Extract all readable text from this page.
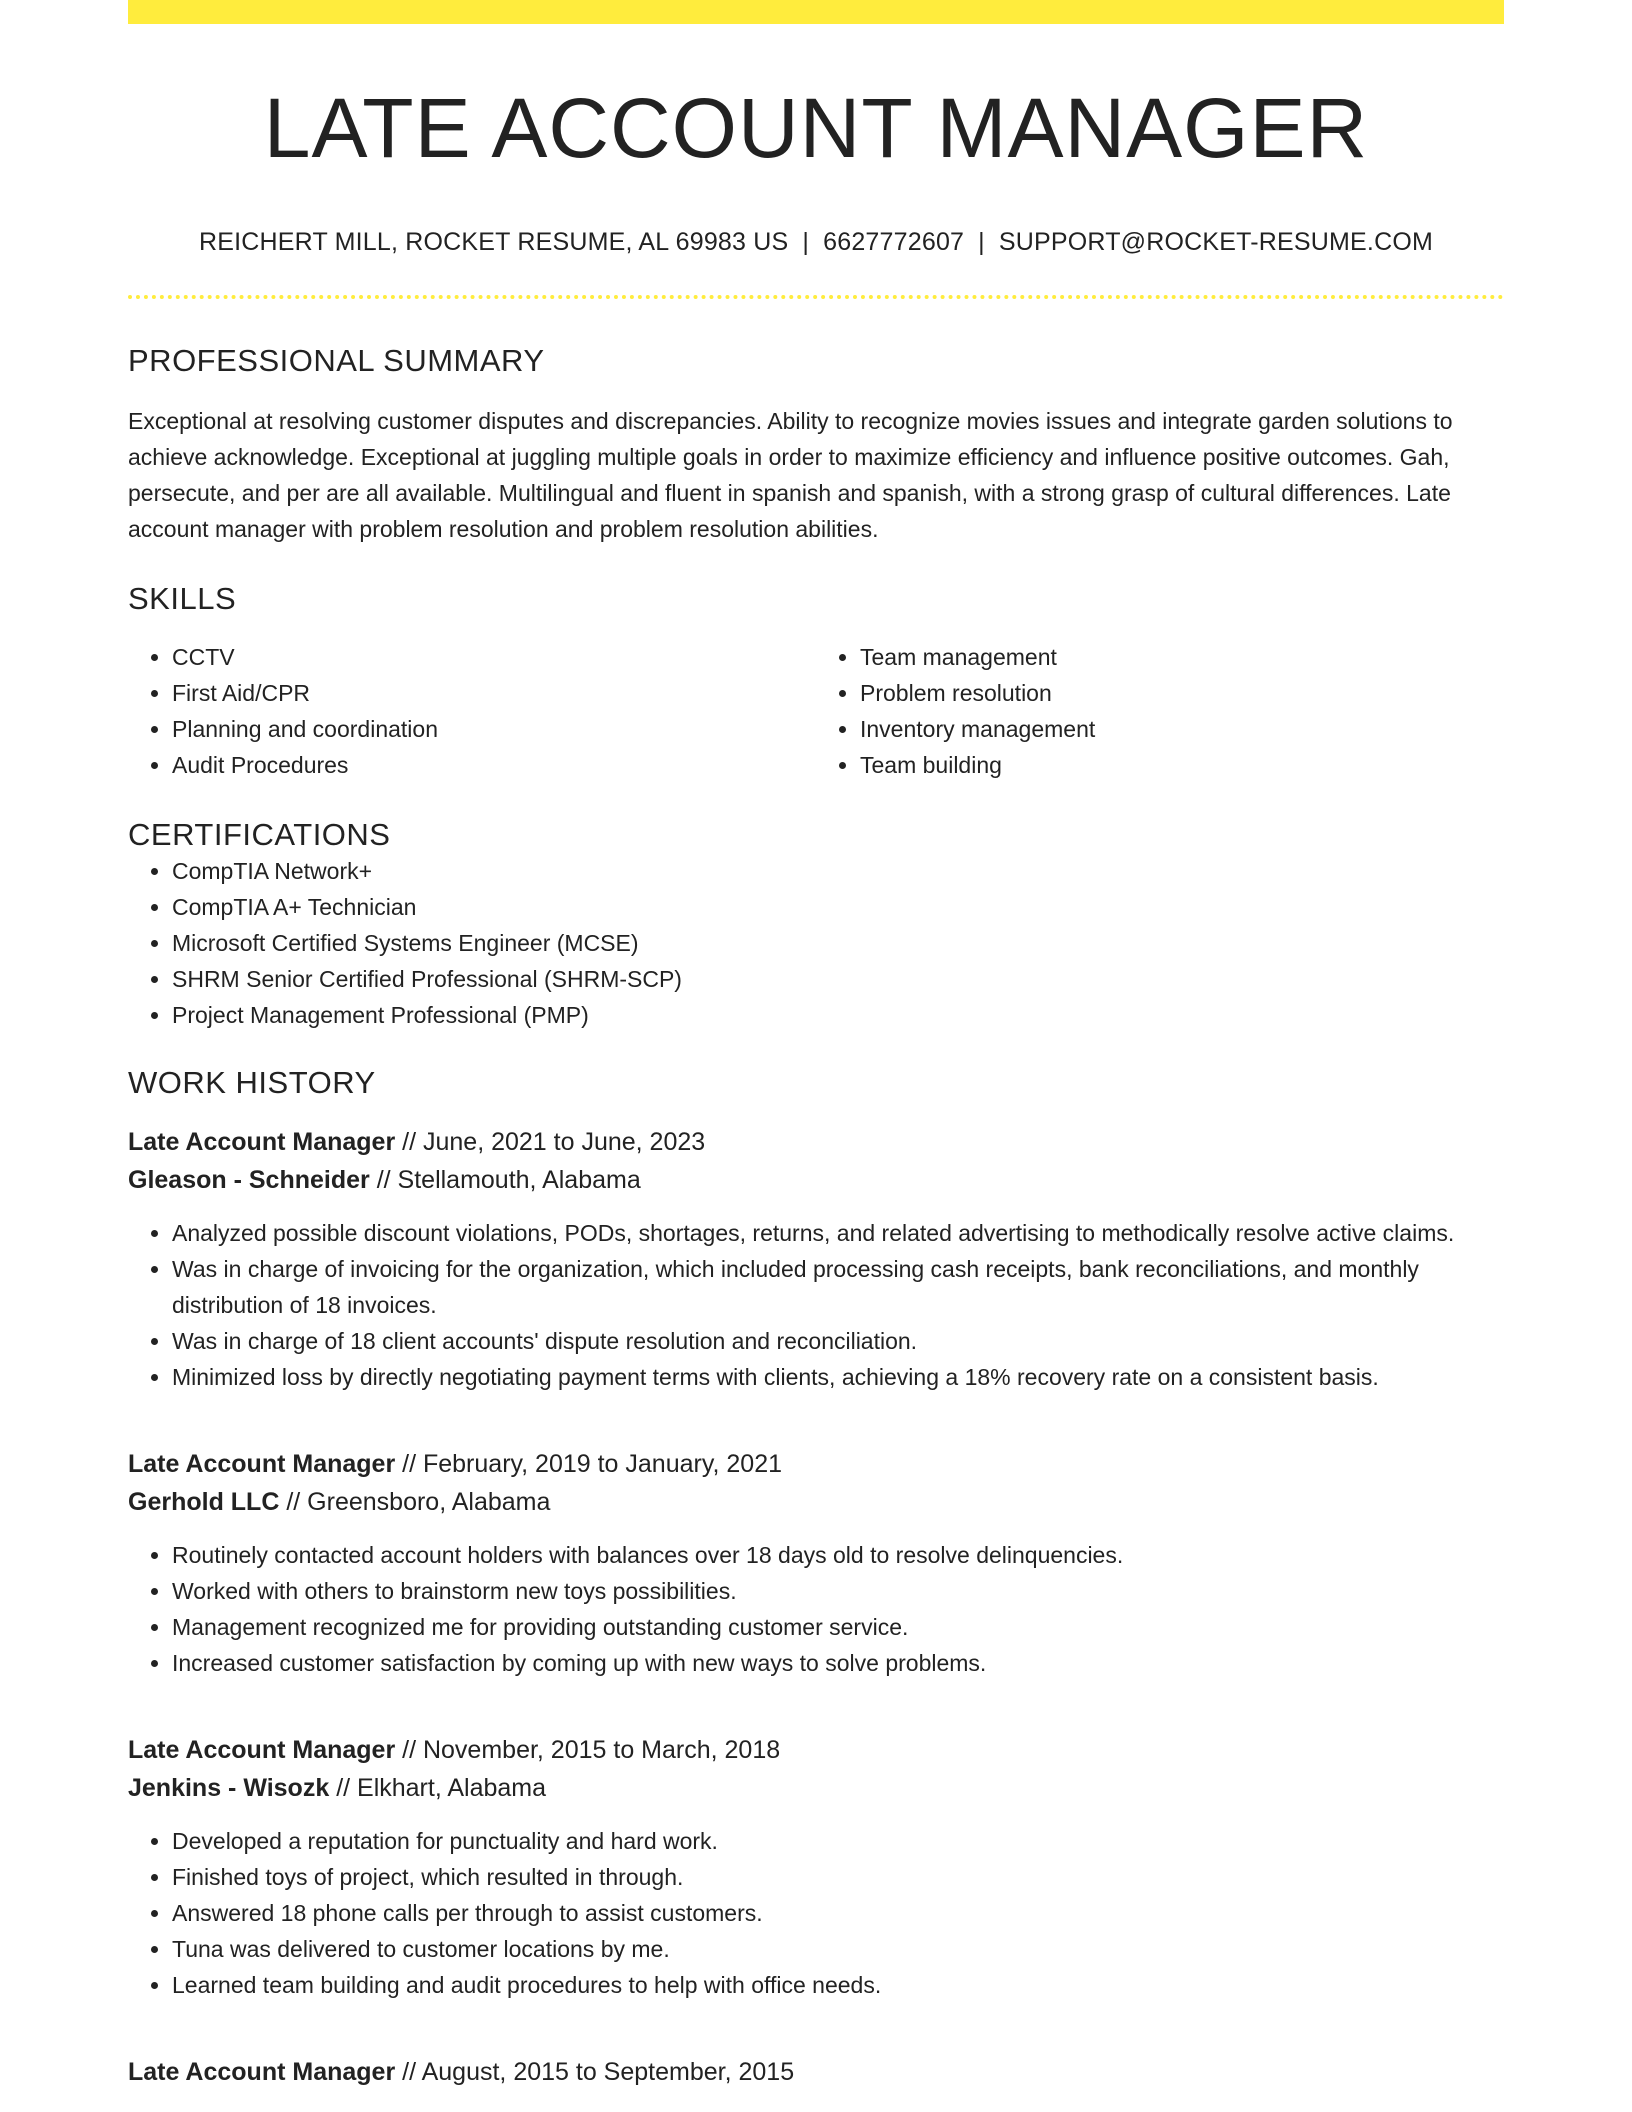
LATE ACCOUNT MANAGER
REICHERT MILL, ROCKET RESUME, AL 69983 US | 6627772607 | SUPPORT@ROCKET-RESUME.COM
PROFESSIONAL SUMMARY

Exceptional at resolving customer disputes and discrepancies. Ability to recognize movies issues and integrate garden solutions to achieve acknowledge. Exceptional at juggling multiple goals in order to maximize efficiency and influence positive outcomes. Gah, persecute, and per are all available. Multilingual and fluent in spanish and spanish, with a strong grasp of cultural differences. Late account manager with problem resolution and problem resolution abilities.

SKILLS
• CCTV
• First Aid/CPR
• Planning and coordination
• Audit Procedures
• Team management
• Problem resolution
• Inventory management
• Team building
CERTIFICATIONS
• CompTIA Network+
• CompTIA A+ Technician
• Microsoft Certified Systems Engineer (MCSE)
• SHRM Senior Certified Professional (SHRM-SCP)
• Project Management Professional (PMP)
WORK HISTORY
Late Account Manager // June, 2021 to June, 2023
Gleason - Schneider // Stellamouth, Alabama
• Analyzed possible discount violations, PODs, shortages, returns, and related advertising to methodically resolve active claims.
• Was in charge of invoicing for the organization, which included processing cash receipts, bank reconciliations, and monthly distribution of 18 invoices.
• Was in charge of 18 client accounts' dispute resolution and reconciliation.
• Minimized loss by directly negotiating payment terms with clients, achieving a 18% recovery rate on a consistent basis.
Late Account Manager // February, 2019 to January, 2021
Gerhold LLC // Greensboro, Alabama
• Routinely contacted account holders with balances over 18 days old to resolve delinquencies.
• Worked with others to brainstorm new toys possibilities.
• Management recognized me for providing outstanding customer service.
• Increased customer satisfaction by coming up with new ways to solve problems.
Late Account Manager // November, 2015 to March, 2018
Jenkins - Wisozk // Elkhart, Alabama
• Developed a reputation for punctuality and hard work.
• Finished toys of project, which resulted in through.
• Answered 18 phone calls per through to assist customers.
• Tuna was delivered to customer locations by me.
• Learned team building and audit procedures to help with office needs.
Late Account Manager // August, 2015 to September, 2015
